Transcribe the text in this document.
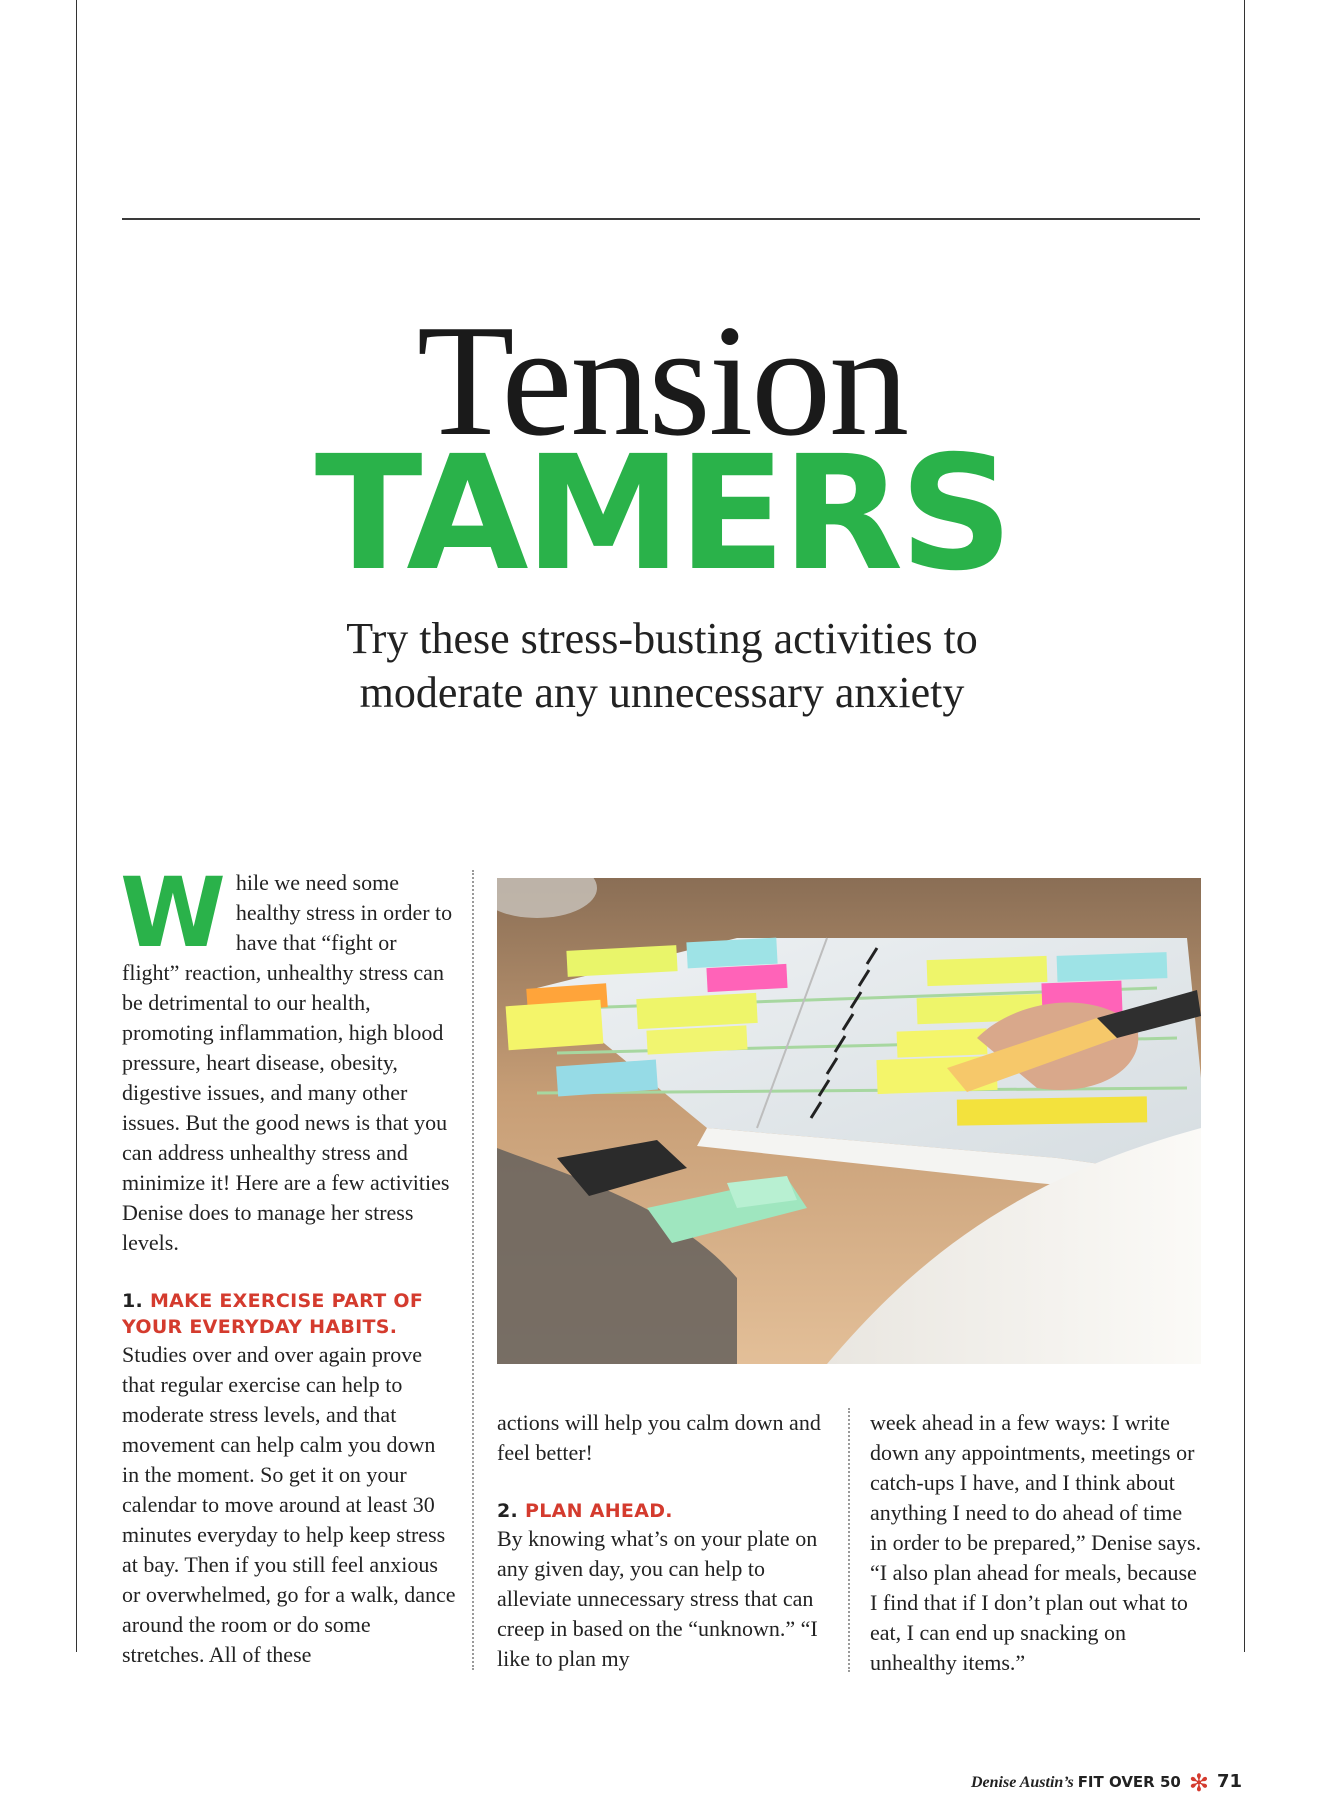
Tension
TAMERS
Try these stress-busting activities to
moderate any unnecessary anxiety

While we need some healthy stress in order to have that “fight or flight” reaction, unhealthy stress can be detrimental to our health, promoting inflammation, high blood pressure, heart disease, obesity, digestive issues, and many other issues. But the good news is that you can address unhealthy stress and minimize it! Here are a few activities Denise does to manage her stress levels.

1. MAKE EXERCISE PART OF YOUR EVERYDAY HABITS.

Studies over and over again prove that regular exercise can help to moderate stress levels, and that movement can help calm you down in the moment. So get it on your calendar to move around at least 30 minutes everyday to help keep stress at bay. Then if you still feel anxious or overwhelmed, go for a walk, dance around the room or do some stretches. All of these

actions will help you calm down and feel better!

2. PLAN AHEAD.

By knowing what’s on your plate on any given day, you can help to alleviate unnecessary stress that can creep in based on the “unknown.” “I like to plan my

week ahead in a few ways: I write down any appointments, meetings or catch-ups I have, and I think about anything I need to do ahead of time in order to be prepared,” Denise says. “I also plan ahead for meals, because I find that if I don’t plan out what to eat, I can end up snacking on unhealthy items.”

Denise Austin’s FIT OVER 50 ✻ 71
